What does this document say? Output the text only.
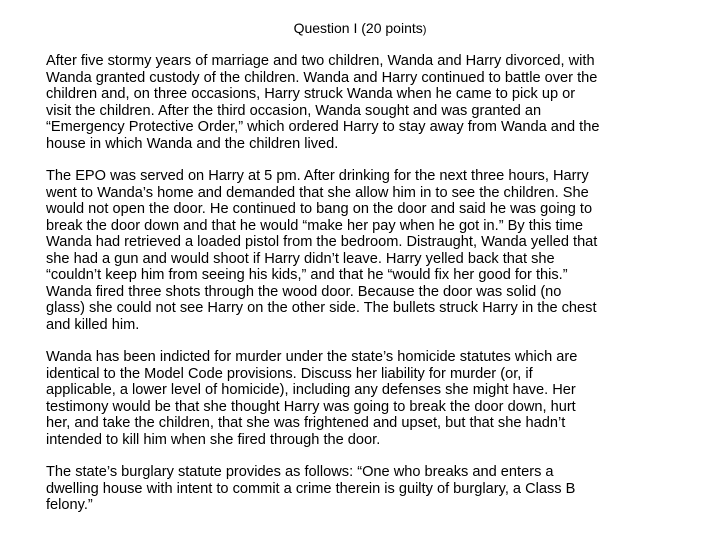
Question I (20 points)

After five stormy years of marriage and two children, Wanda and Harry divorced, with
Wanda granted custody of the children. Wanda and Harry continued to battle over the
children and, on three occasions, Harry struck Wanda when he came to pick up or
visit the children. After the third occasion, Wanda sought and was granted an
“Emergency Protective Order,” which ordered Harry to stay away from Wanda and the
house in which Wanda and the children lived.

The EPO was served on Harry at 5 pm. After drinking for the next three hours, Harry
went to Wanda’s home and demanded that she allow him in to see the children. She
would not open the door. He continued to bang on the door and said he was going to
break the door down and that he would “make her pay when he got in.” By this time
Wanda had retrieved a loaded pistol from the bedroom. Distraught, Wanda yelled that
she had a gun and would shoot if Harry didn’t leave. Harry yelled back that she
“couldn’t keep him from seeing his kids,” and that he “would fix her good for this.”
Wanda fired three shots through the wood door. Because the door was solid (no
glass) she could not see Harry on the other side. The bullets struck Harry in the chest
and killed him.

Wanda has been indicted for murder under the state’s homicide statutes which are
identical to the Model Code provisions. Discuss her liability for murder (or, if
applicable, a lower level of homicide), including any defenses she might have. Her
testimony would be that she thought Harry was going to break the door down, hurt
her, and take the children, that she was frightened and upset, but that she hadn’t
intended to kill him when she fired through the door.

The state’s burglary statute provides as follows: “One who breaks and enters a
dwelling house with intent to commit a crime therein is guilty of burglary, a Class B
felony.”
